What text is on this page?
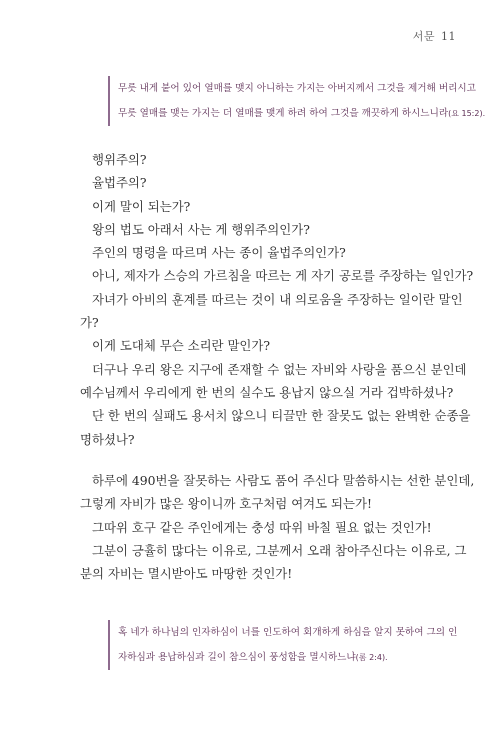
서문 11
무릇 내게 붙어 있어 열매를 맺지 아니하는 가지는 아버지께서 그것을 제거해 버리시고
무릇 열매를 맺는 가지는 더 열매를 맺게 하려 하여 그것을 깨끗하게 하시느니라(요 15:2).
행위주의?
율법주의?
이게 말이 되는가?
왕의 법도 아래서 사는 게 행위주의인가?
주인의 명령을 따르며 사는 종이 율법주의인가?
아니, 제자가 스승의 가르침을 따르는 게 자기 공로를 주장하는 일인가?
자녀가 아비의 훈계를 따르는 것이 내 의로움을 주장하는 일이란 말인
가?
이게 도대체 무슨 소리란 말인가?
더구나 우리 왕은 지구에 존재할 수 없는 자비와 사랑을 품으신 분인데
예수님께서 우리에게 한 번의 실수도 용납지 않으실 거라 겁박하셨나?
단 한 번의 실패도 용서치 않으니 티끌만 한 잘못도 없는 완벽한 순종을
명하셨나?
하루에 490번을 잘못하는 사람도 품어 주신다 말씀하시는 선한 분인데,
그렇게 자비가 많은 왕이니까 호구처럼 여겨도 되는가!
그따위 호구 같은 주인에게는 충성 따위 바칠 필요 없는 것인가!
그분이 긍휼히 많다는 이유로, 그분께서 오래 참아주신다는 이유로, 그
분의 자비는 멸시받아도 마땅한 것인가!
혹 네가 하나님의 인자하심이 너를 인도하여 회개하게 하심을 알지 못하여 그의 인
자하심과 용납하심과 길이 참으심이 풍성함을 멸시하느냐(롬 2:4).
